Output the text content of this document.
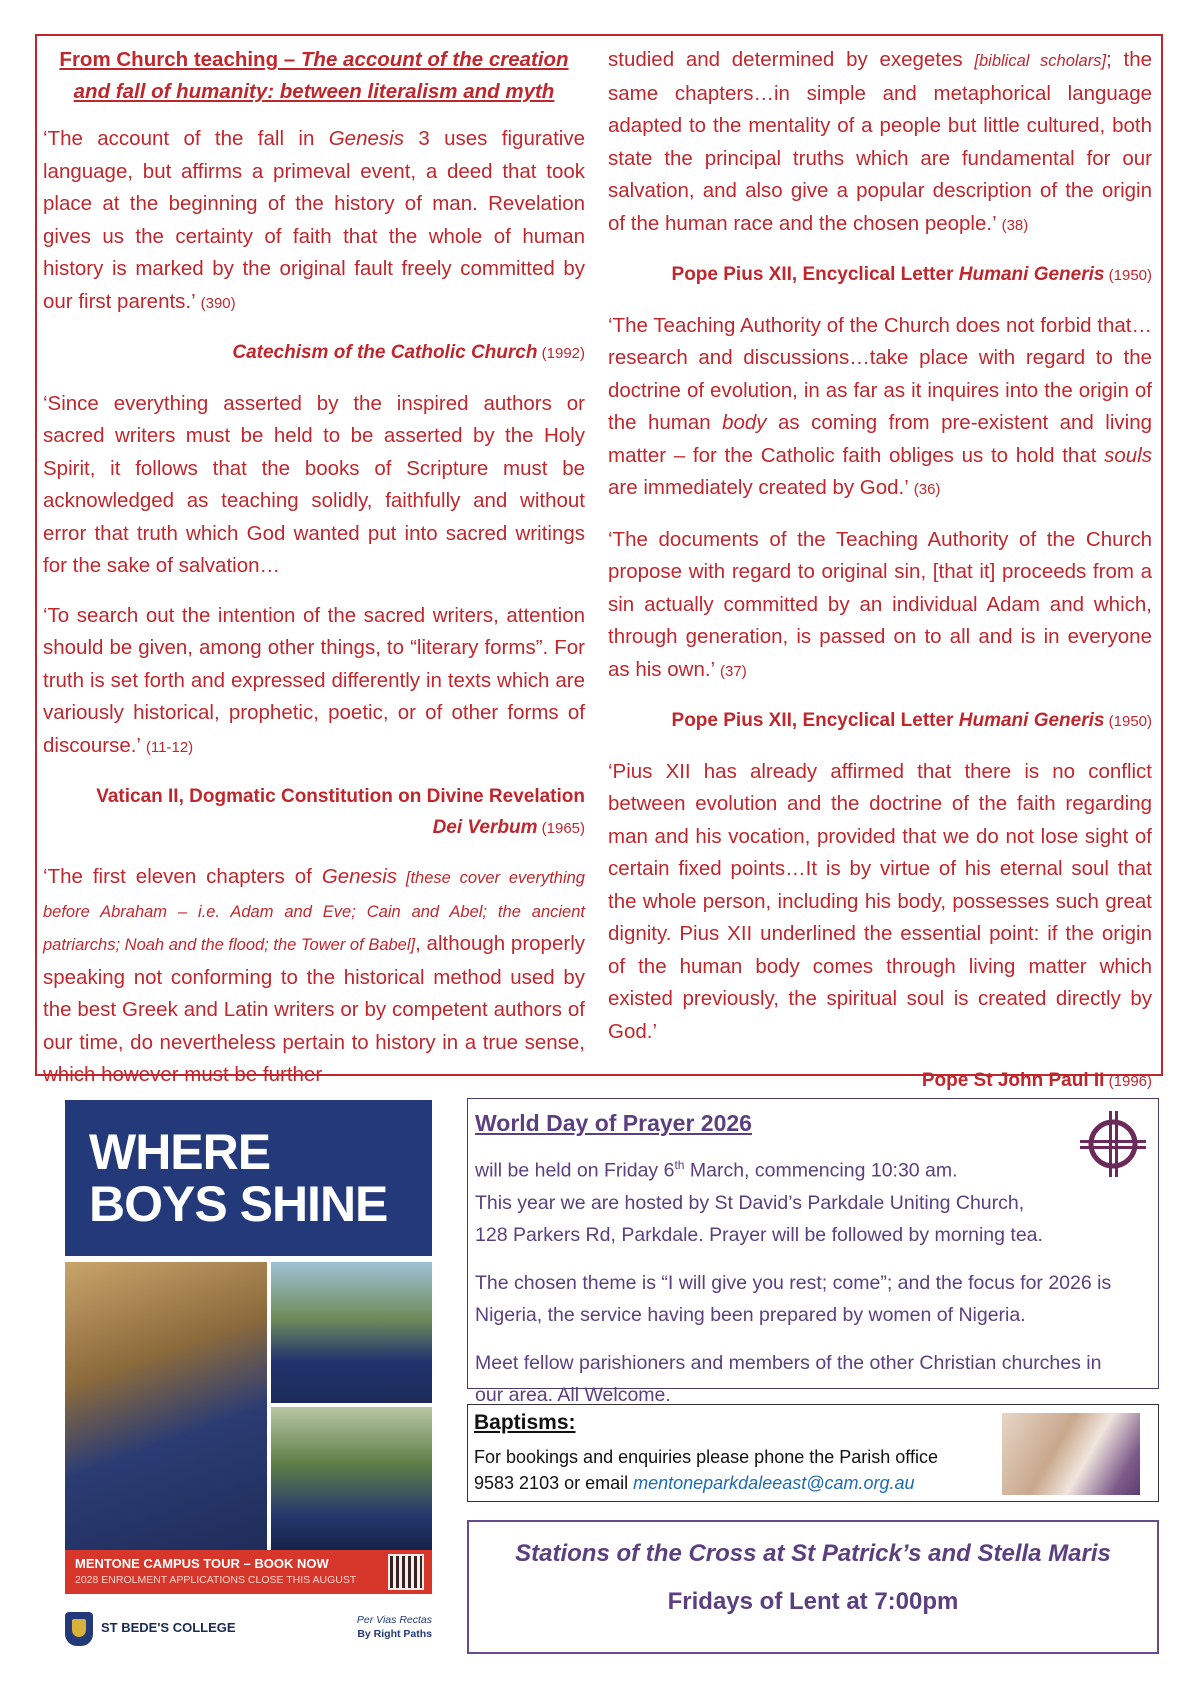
From Church teaching – The account of the creation and fall of humanity: between literalism and myth

‘The account of the fall in Genesis 3 uses figurative language, but affirms a primeval event, a deed that took place at the beginning of the history of man. Revelation gives us the certainty of faith that the whole of human history is marked by the original fault freely committed by our first parents.’ (390)

Catechism of the Catholic Church (1992)

‘Since everything asserted by the inspired authors or sacred writers must be held to be asserted by the Holy Spirit, it follows that the books of Scripture must be acknowledged as teaching solidly, faithfully and without error that truth which God wanted put into sacred writings for the sake of salvation…

‘To search out the intention of the sacred writers, attention should be given, among other things, to “literary forms”. For truth is set forth and expressed differently in texts which are variously historical, prophetic, poetic, or of other forms of discourse.’ (11-12)

Vatican II, Dogmatic Constitution on Divine Revelation
Dei Verbum (1965)

‘The first eleven chapters of Genesis [these cover everything before Abraham – i.e. Adam and Eve; Cain and Abel; the ancient patriarchs; Noah and the flood; the Tower of Babel], although properly speaking not conforming to the historical method used by the best Greek and Latin writers or by competent authors of our time, do nevertheless pertain to history in a true sense, which however must be further

studied and determined by exegetes [biblical scholars]; the same chapters…in simple and metaphorical language adapted to the mentality of a people but little cultured, both state the principal truths which are fundamental for our salvation, and also give a popular description of the origin of the human race and the chosen people.’ (38)

Pope Pius XII, Encyclical Letter Humani Generis (1950)

‘The Teaching Authority of the Church does not forbid that…research and discussions…take place with regard to the doctrine of evolution, in as far as it inquires into the origin of the human body as coming from pre-existent and living matter – for the Catholic faith obliges us to hold that souls are immediately created by God.’ (36)

‘The documents of the Teaching Authority of the Church propose with regard to original sin, [that it] proceeds from a sin actually committed by an individual Adam and which, through generation, is passed on to all and is in everyone as his own.’ (37)

Pope Pius XII, Encyclical Letter Humani Generis (1950)

‘Pius XII has already affirmed that there is no conflict between evolution and the doctrine of the faith regarding man and his vocation, provided that we do not lose sight of certain fixed points…It is by virtue of his eternal soul that the whole person, including his body, possesses such great dignity. Pius XII underlined the essential point: if the origin of the human body comes through living matter which existed previously, the spiritual soul is created directly by God.’

Pope St John Paul II (1996)
WHERE
BOYS SHINE
MENTONE CAMPUS TOUR – BOOK NOW
2028 ENROLMENT APPLICATIONS CLOSE THIS AUGUST
ST BEDE'S COLLEGE	Per Vias Rectas
By Right Paths
World Day of Prayer 2026

will be held on Friday 6th March, commencing 10:30 am.
This year we are hosted by St David’s Parkdale Uniting Church,
128 Parkers Rd, Parkdale. Prayer will be followed by morning tea.

The chosen theme is “I will give you rest; come”; and the focus for 2026 is Nigeria, the service having been prepared by women of Nigeria.

Meet fellow parishioners and members of the other Christian churches in our area. All Welcome.

Baptisms:
For bookings and enquiries please phone the Parish office
9583 2103 or email mentoneparkdaleeast@cam.org.au
Stations of the Cross at St Patrick’s and Stella Maris
Fridays of Lent at 7:00pm
